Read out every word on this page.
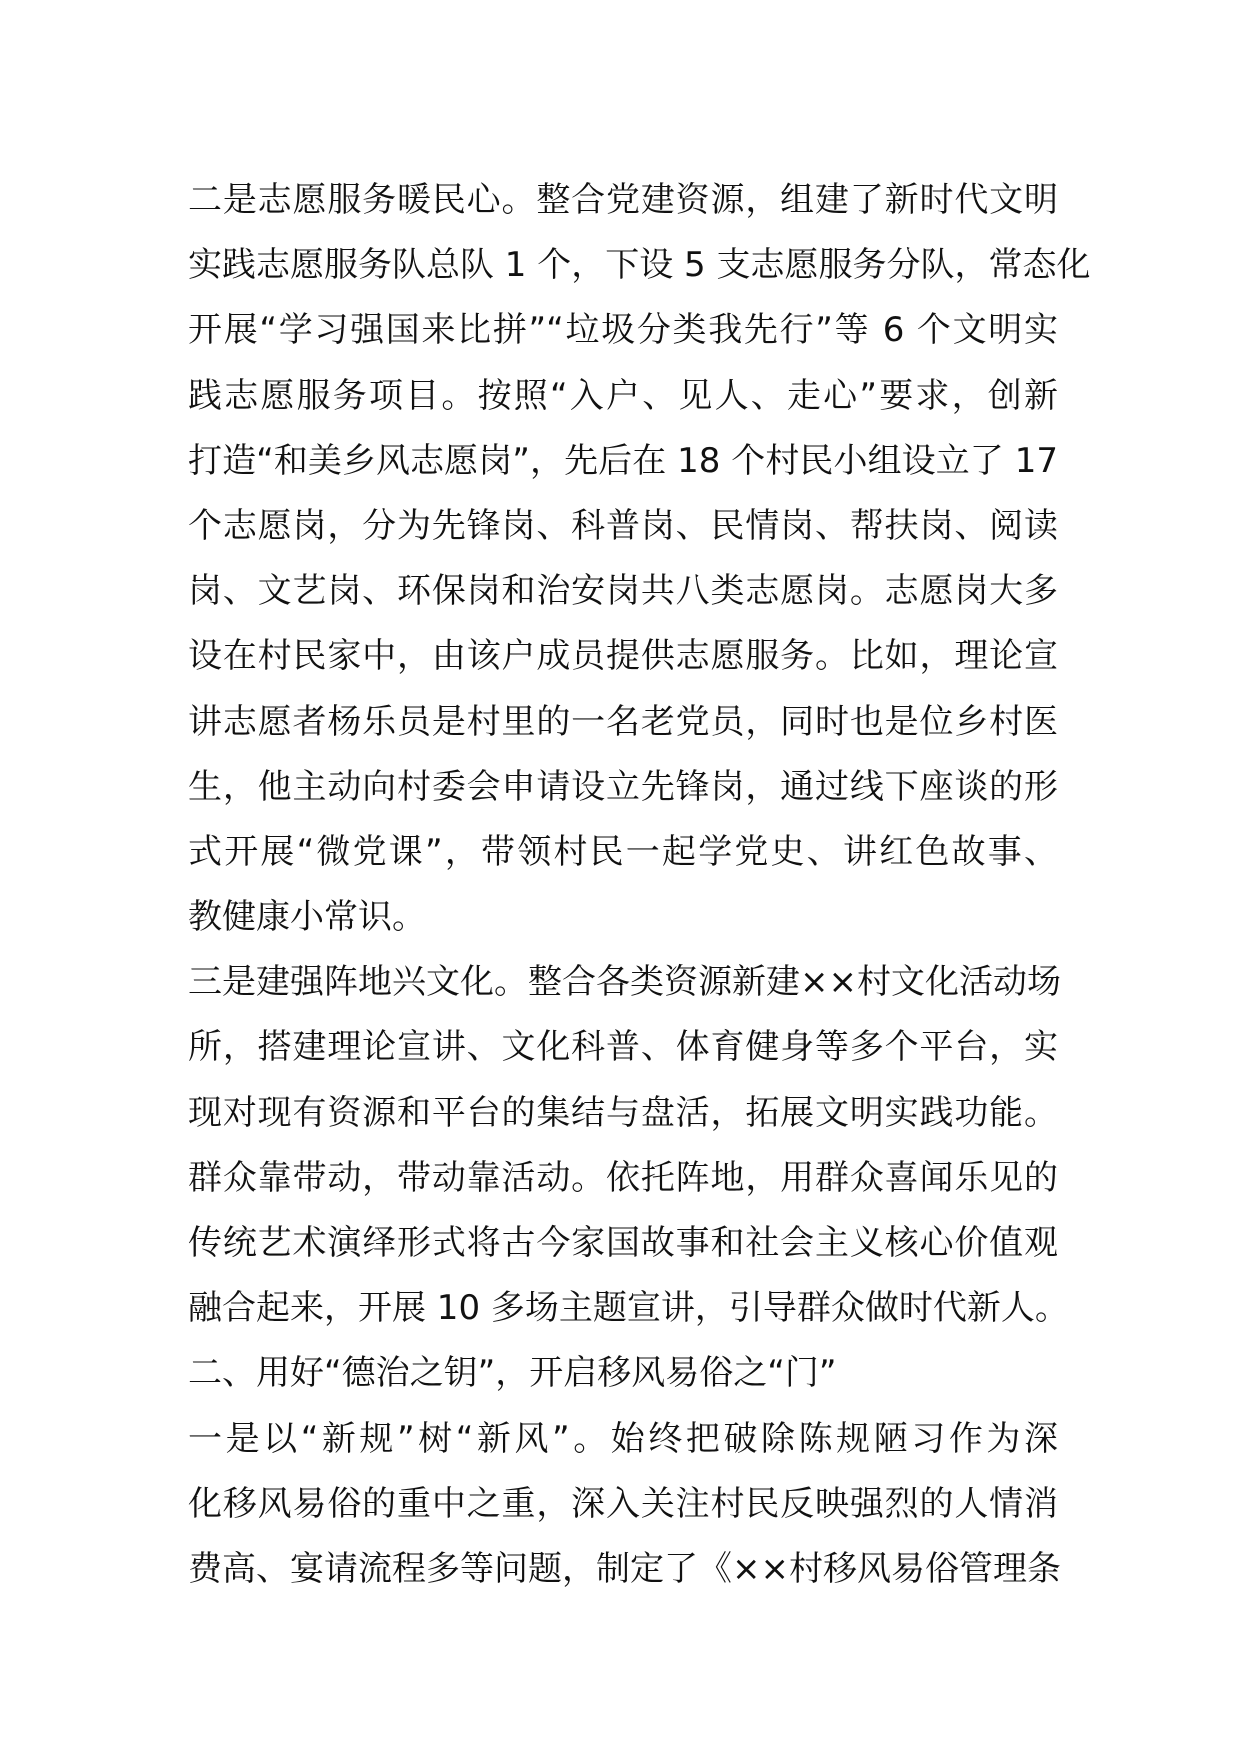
二是志愿服务暖民心。整合党建资源，组建了新时代文明
实践志愿服务队总队 1 个，下设 5 支志愿服务分队，常态化
开展“学习强国来比拼”“垃圾分类我先行”等 6 个文明实
践志愿服务项目。按照“入户、见人、走心”要求，创新
打造“和美乡风志愿岗”，先后在 18 个村民小组设立了 17
个志愿岗，分为先锋岗、科普岗、民情岗、帮扶岗、阅读
岗、文艺岗、环保岗和治安岗共八类志愿岗。志愿岗大多
设在村民家中，由该户成员提供志愿服务。比如，理论宣
讲志愿者杨乐员是村里的一名老党员，同时也是位乡村医
生，他主动向村委会申请设立先锋岗，通过线下座谈的形
式开展“微党课”，带领村民一起学党史、讲红色故事、
教健康小常识。
三是建强阵地兴文化。整合各类资源新建××村文化活动场
所，搭建理论宣讲、文化科普、体育健身等多个平台，实
现对现有资源和平台的集结与盘活，拓展文明实践功能。
群众靠带动，带动靠活动。依托阵地，用群众喜闻乐见的
传统艺术演绎形式将古今家国故事和社会主义核心价值观
融合起来，开展 10 多场主题宣讲，引导群众做时代新人。
二、用好“德治之钥”，开启移风易俗之“门”
一是以“新规”树“新风”。始终把破除陈规陋习作为深
化移风易俗的重中之重，深入关注村民反映强烈的人情消
费高、宴请流程多等问题，制定了《××村移风易俗管理条
